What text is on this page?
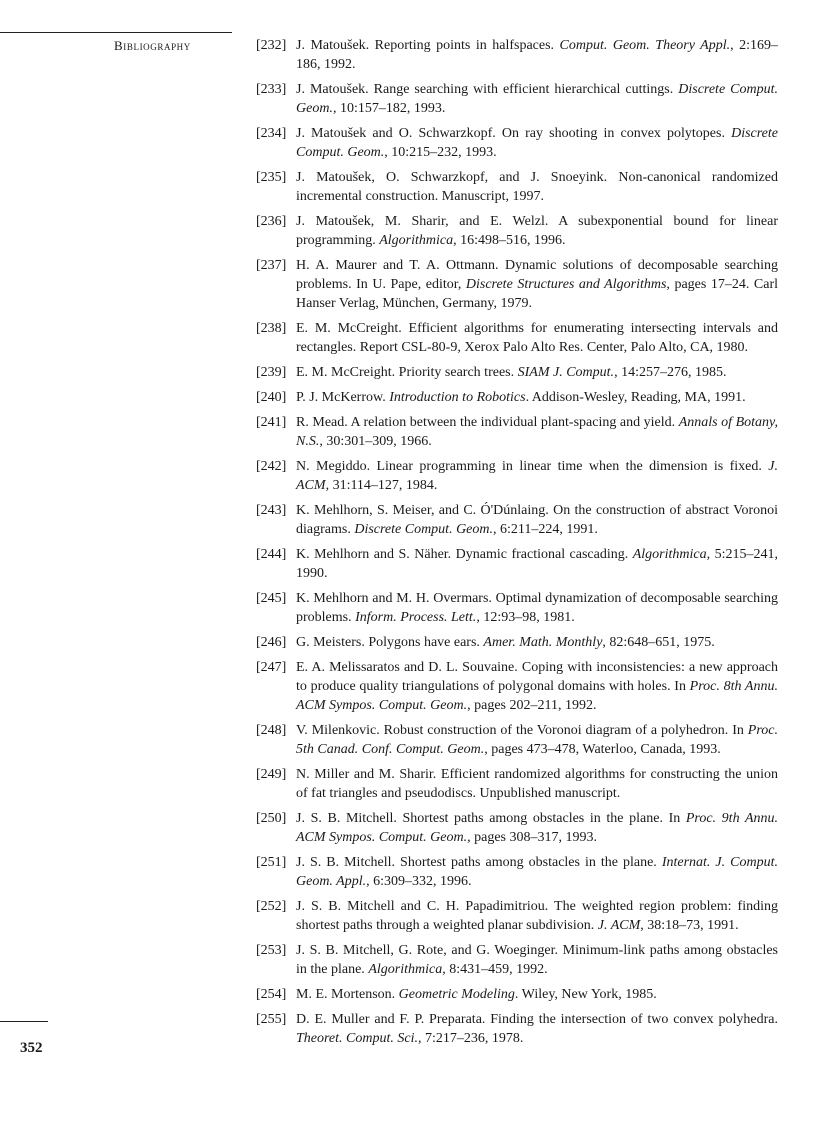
Bibliography	[232] J. Matoušek. Reporting points in halfspaces. Comput. Geom. Theory Appl., 2:169–186, 1992.
[233] J. Matoušek. Range searching with efficient hierarchical cuttings. Discrete Comput. Geom., 10:157–182, 1993.
[234] J. Matoušek and O. Schwarzkopf. On ray shooting in convex polytopes. Discrete Comput. Geom., 10:215–232, 1993.
[235] J. Matoušek, O. Schwarzkopf, and J. Snoeyink. Non-canonical randomized incremental construction. Manuscript, 1997.
[236] J. Matoušek, M. Sharir, and E. Welzl. A subexponential bound for linear programming. Algorithmica, 16:498–516, 1996.
[237] H. A. Maurer and T. A. Ottmann. Dynamic solutions of decomposable searching problems. In U. Pape, editor, Discrete Structures and Algorithms, pages 17–24. Carl Hanser Verlag, München, Germany, 1979.
[238] E. M. McCreight. Efficient algorithms for enumerating intersecting intervals and rectangles. Report CSL-80-9, Xerox Palo Alto Res. Center, Palo Alto, CA, 1980.
[239] E. M. McCreight. Priority search trees. SIAM J. Comput., 14:257–276, 1985.
[240] P. J. McKerrow. Introduction to Robotics. Addison-Wesley, Reading, MA, 1991.
[241] R. Mead. A relation between the individual plant-spacing and yield. Annals of Botany, N.S., 30:301–309, 1966.
[242] N. Megiddo. Linear programming in linear time when the dimension is fixed. J. ACM, 31:114–127, 1984.
[243] K. Mehlhorn, S. Meiser, and C. Ó'Dúnlaing. On the construction of abstract Voronoi diagrams. Discrete Comput. Geom., 6:211–224, 1991.
[244] K. Mehlhorn and S. Näher. Dynamic fractional cascading. Algorithmica, 5:215–241, 1990.
[245] K. Mehlhorn and M. H. Overmars. Optimal dynamization of decomposable searching problems. Inform. Process. Lett., 12:93–98, 1981.
[246] G. Meisters. Polygons have ears. Amer. Math. Monthly, 82:648–651, 1975.
[247] E. A. Melissaratos and D. L. Souvaine. Coping with inconsistencies: a new approach to produce quality triangulations of polygonal domains with holes. In Proc. 8th Annu. ACM Sympos. Comput. Geom., pages 202–211, 1992.
[248] V. Milenkovic. Robust construction of the Voronoi diagram of a polyhedron. In Proc. 5th Canad. Conf. Comput. Geom., pages 473–478, Waterloo, Canada, 1993.
[249] N. Miller and M. Sharir. Efficient randomized algorithms for constructing the union of fat triangles and pseudodiscs. Unpublished manuscript.
[250] J. S. B. Mitchell. Shortest paths among obstacles in the plane. In Proc. 9th Annu. ACM Sympos. Comput. Geom., pages 308–317, 1993.
[251] J. S. B. Mitchell. Shortest paths among obstacles in the plane. Internat. J. Comput. Geom. Appl., 6:309–332, 1996.
[252] J. S. B. Mitchell and C. H. Papadimitriou. The weighted region problem: finding shortest paths through a weighted planar subdivision. J. ACM, 38:18–73, 1991.
[253] J. S. B. Mitchell, G. Rote, and G. Woeginger. Minimum-link paths among obstacles in the plane. Algorithmica, 8:431–459, 1992.
[254] M. E. Mortenson. Geometric Modeling. Wiley, New York, 1985.
[255] D. E. Muller and F. P. Preparata. Finding the intersection of two convex polyhedra. Theoret. Comput. Sci., 7:217–236, 1978.
352
